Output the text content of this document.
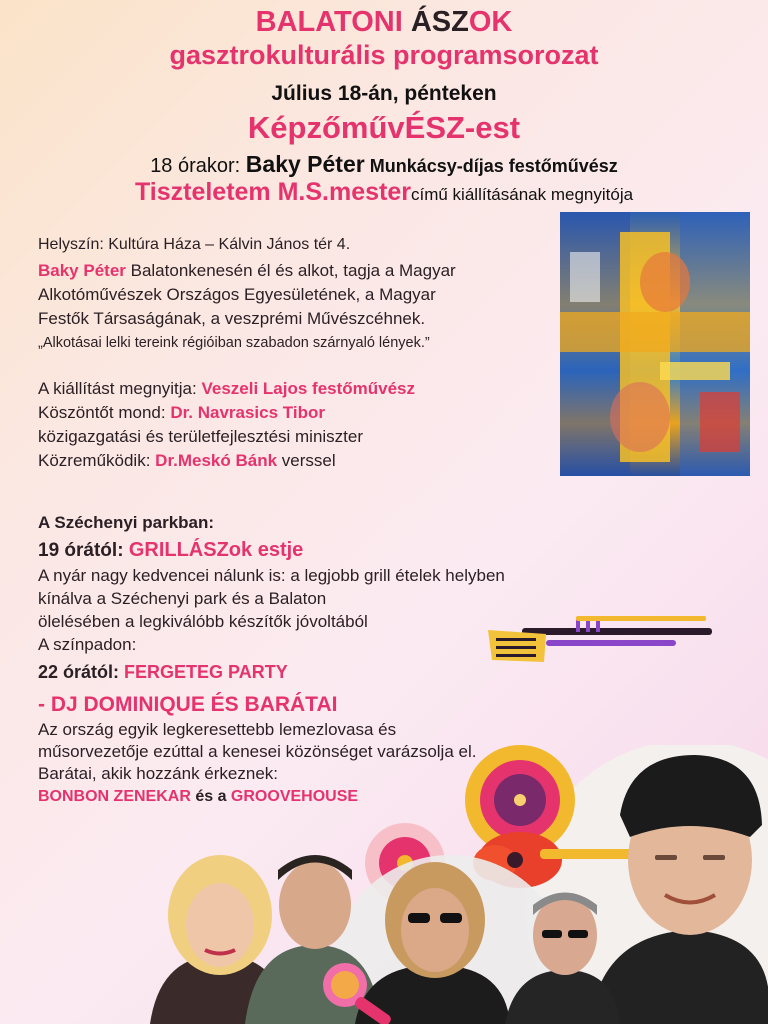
BALATONI ÁSZOK
gasztrokulturális programsorozat
Július 18-án, pénteken
KépzőművÉSZ-est
18 órakor: Baky Péter Munkácsy-díjas festőművész
Tiszteletem M.S.mestercímű kiállításának megnyitója
Helyszín: Kultúra Háza – Kálvin János tér 4.
Baky Péter Balatonkenesén él és alkot, tagja a Magyar
Alkotóművészek Országos Egyesületének, a Magyar
Festők Társaságának, a veszprémi Művészcéhnek.
„Alkotásai lelki tereink régióiban szabadon szárnyaló lények.”
A kiállítást megnyitja: Veszeli Lajos festőművész
Köszöntőt mond: Dr. Navrasics Tibor
közigazgatási és területfejlesztési miniszter
Közreműködik: Dr.Meskó Bánk verssel
A Széchenyi parkban:
19 órától: GRILLÁSZok estje
A nyár nagy kedvencei nálunk is: a legjobb grill ételek helyben
kínálva a Széchenyi park és a Balaton
ölelésében a legkiválóbb készítők jóvoltából
A színpadon:
22 órától: FERGETEG PARTY
- DJ DOMINIQUE ÉS BARÁTAI
Az ország egyik legkeresettebb lemezlovasa és
műsorvezetője ezúttal a kenesei közönséget varázsolja el.
Barátai, akik hozzánk érkeznek:
BONBON ZENEKAR és a GROOVEHOUSE
